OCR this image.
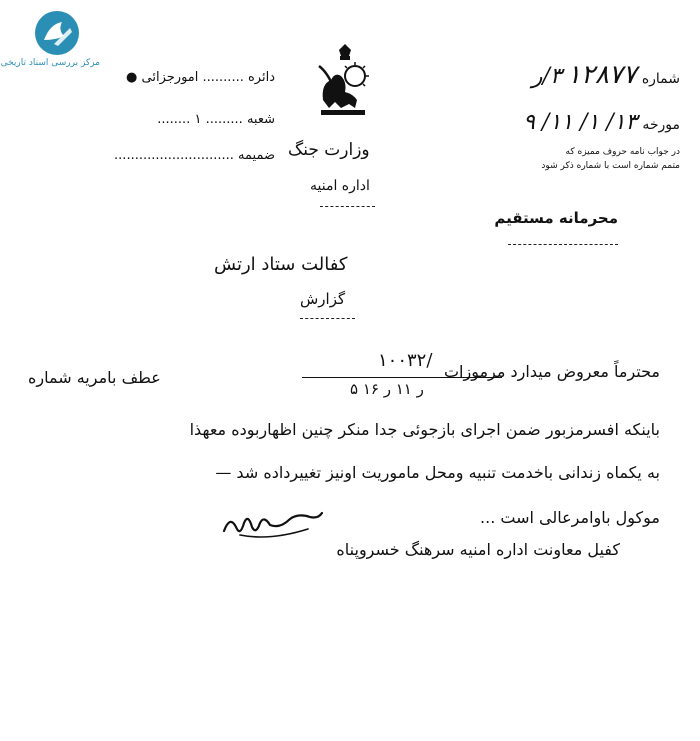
مرکز بررسی اسناد تاریخی
دائره .......... امورجزائی ●
شعبه ......... ۱ ........
ضمیمه .............................	وزارت جنگ
اداره امنیه
شماره ۱۲۸۷۷ ۳/ر
مورخه ۱۳/ ۱/ ۱۱/ ۹
در جواب نامه حروف ممیزه که
متمم شماره است با شماره ذکر شود
محرمانه مستقیم
کفالت ستاد ارتش
گزارش
۱۰۰۳۲/
۵ ر ۱۱ ر ۱۶
محترماً معروض میدارد مرموزات
عطف بامریه شماره
باینکه افسرمزبور ضمن اجرای بازجوئی جدا منکر چنین اظهاربوده معهذا
به یکماه زندانی باخدمت تنبیه ومحل ماموریت اونیز تغییرداده شد —
موکول باوامرعالی است ...
کفیل معاونت اداره امنیه سرهنگ خسروپناه
